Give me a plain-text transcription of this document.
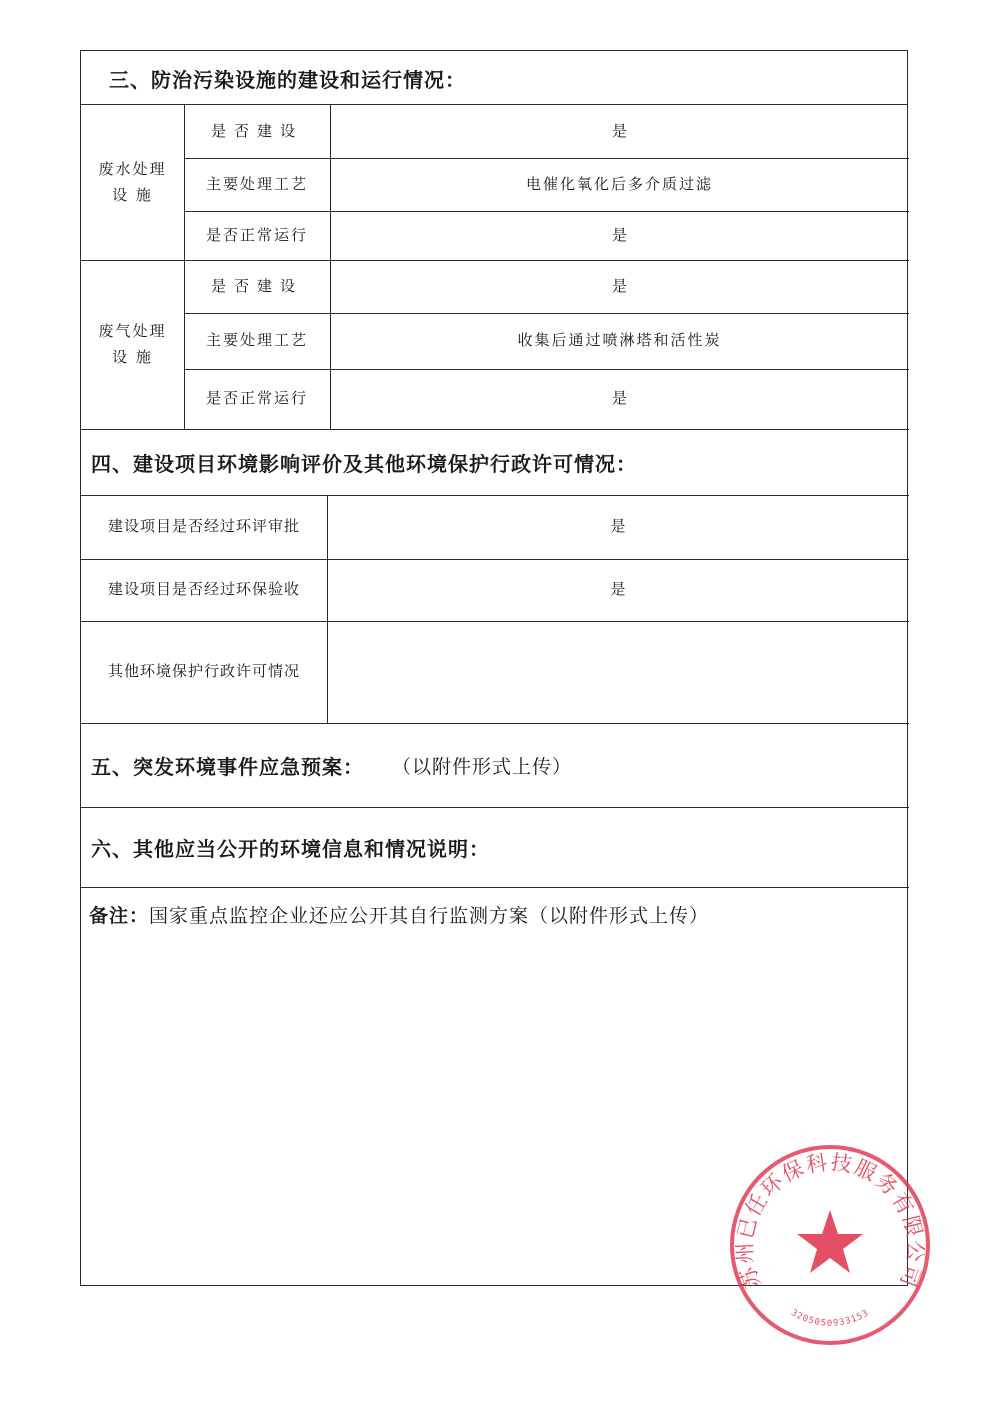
三、防治污染设施的建设和运行情况：
废水处理
设 施
是否建设	是
主要处理工艺	电催化氧化后多介质过滤
是否正常运行	是
废气处理
设 施
是否建设	是
主要处理工艺	收集后通过喷淋塔和活性炭
是否正常运行	是
四、建设项目环境影响评价及其他环境保护行政许可情况：
建设项目是否经过环评审批	是
建设项目是否经过环保验收	是
其他环境保护行政许可情况
五、突发环境事件应急预案： （以附件形式上传）
六、其他应当公开的环境信息和情况说明：
备注： 国家重点监控企业还应公开其自行监测方案（以附件形式上传）
苏州已任环保科技服务有限公司
3205050933153
